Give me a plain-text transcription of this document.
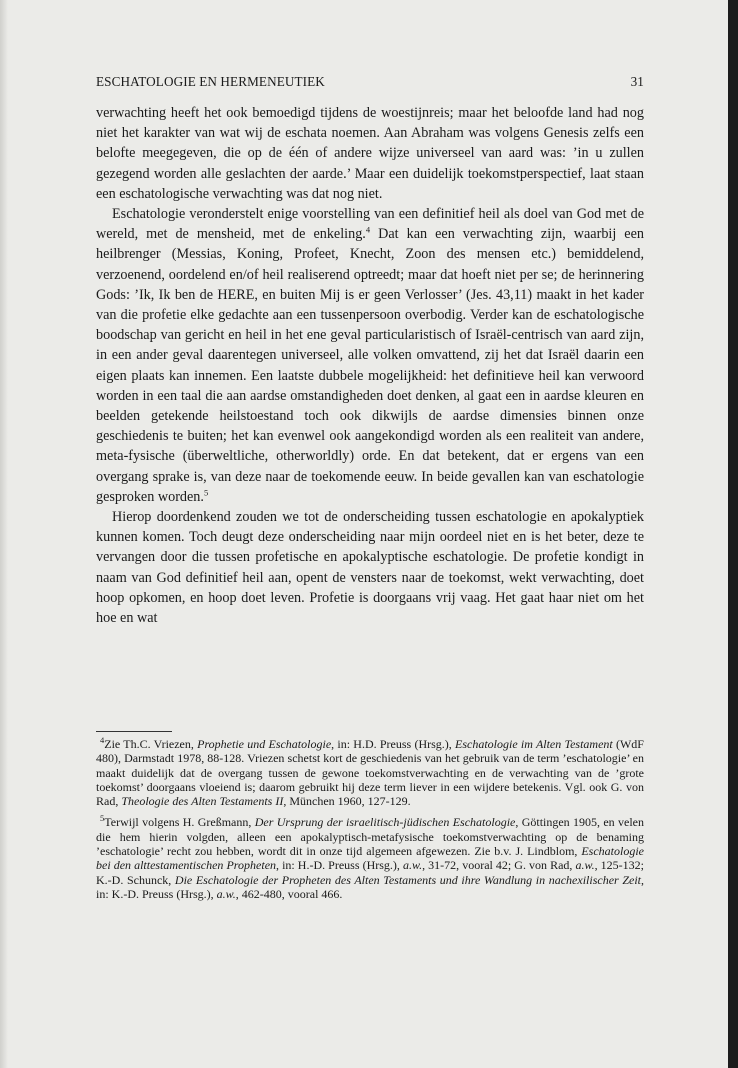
ESCHATOLOGIE EN HERMENEUTIEK	31

verwachting heeft het ook bemoedigd tijdens de woestijnreis; maar het beloofde land had nog niet het karakter van wat wij de eschata noemen. Aan Abraham was volgens Genesis zelfs een belofte meegegeven, die op de één of andere wijze universeel van aard was: ’in u zullen gezegend worden alle geslachten der aarde.’ Maar een duidelijk toekomstperspectief, laat staan een eschatologische verwachting was dat nog niet.

Eschatologie veronderstelt enige voorstelling van een definitief heil als doel van God met de wereld, met de mensheid, met de enkeling.$^4$ Dat kan een verwachting zijn, waarbij een heilbrenger (Messias, Koning, Profeet, Knecht, Zoon des mensen etc.) bemiddelend, verzoenend, oordelend en/of heil realiserend optreedt; maar dat hoeft niet per se; de herinnering Gods: ’Ik, Ik ben de HERE, en buiten Mij is er geen Verlosser’ (Jes. 43,11) maakt in het kader van die profetie elke gedachte aan een tussenpersoon overbodig. Verder kan de eschatologische boodschap van gericht en heil in het ene geval particularistisch of Israël-centrisch van aard zijn, in een ander geval daarentegen universeel, alle volken omvattend, zij het dat Israël daarin een eigen plaats kan innemen. Een laatste dubbele mogelijkheid: het definitieve heil kan verwoord worden in een taal die aan aardse omstandigheden doet denken, al gaat een in aardse kleuren en beelden getekende heilstoestand toch ook dikwijls de aardse dimensies binnen onze geschiedenis te buiten; het kan evenwel ook aangekondigd worden als een realiteit van andere, meta-fysische (überweltliche, otherworldly) orde. En dat betekent, dat er ergens van een overgang sprake is, van deze naar de toekomende eeuw. In beide gevallen kan van eschatologie gesproken worden.$^5$

Hierop doordenkend zouden we tot de onderscheiding tussen eschatologie en apokalyptiek kunnen komen. Toch deugt deze onderscheiding naar mijn oordeel niet en is het beter, deze te vervangen door die tussen profetische en apokalyptische eschatologie. De profetie kondigt in naam van God definitief heil aan, opent de vensters naar de toekomst, wekt verwachting, doet hoop opkomen, en hoop doet leven. Profetie is doorgaans vrij vaag. Het gaat haar niet om het hoe en wat

$^4$Zie Th.C. Vriezen, Prophetie und Eschatologie, in: H.D. Preuss (Hrsg.), Eschatologie im Alten Testament (WdF 480), Darmstadt 1978, 88-128. Vriezen schetst kort de geschiedenis van het gebruik van de term ’eschatologie’ en maakt duidelijk dat de overgang tussen de gewone toekomstverwachting en de verwachting van de ’grote toekomst’ doorgaans vloeiend is; daarom gebruikt hij deze term liever in een wijdere betekenis. Vgl. ook G. von Rad, Theologie des Alten Testaments II, München 1960, 127-129.

$^5$Terwijl volgens H. Greßmann, Der Ursprung der israelitisch-jüdischen Eschatologie, Göttingen 1905, en velen die hem hierin volgden, alleen een apokalyptisch-metafysische toekomstverwachting op de benaming ’eschatologie’ recht zou hebben, wordt dit in onze tijd algemeen afgewezen. Zie b.v. J. Lindblom, Eschatologie bei den alttestamentischen Propheten, in: H.-D. Preuss (Hrsg.), a.w., 31-72, vooral 42; G. von Rad, a.w., 125-132; K.-D. Schunck, Die Eschatologie der Propheten des Alten Testaments und ihre Wandlung in nachexilischer Zeit, in: K.-D. Preuss (Hrsg.), a.w., 462-480, vooral 466.
